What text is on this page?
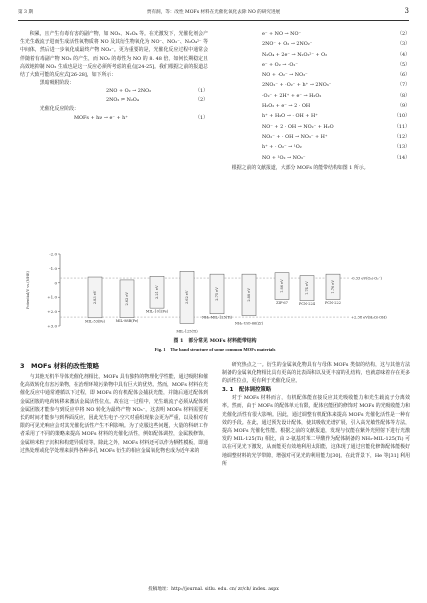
第 3 期	贾有洞，等：改性 MOFs 材料在光催化氧化去除 NO 的研究进展	3

积累，且产生有毒有害的副产物，如 NO₂、N₂O₄ 等。在光激发下，光催化剂会产生光生载流子进而生成活性氧物质将 NO 及其衍生物氧化为 NO⁻、NO₂⁻、N₂O₄²⁻ 等中间体，然后进一步氧化成最终产物 NO₃⁻。更为重要的是，光催化反应过程中通常会伴随着有毒副产物 NO₂ 的产生，而 NO₂ 的毒性为 NO 的 8. 48 倍，如何长期稳定且高效地抑制 NO₂ 生成也是这一反应必须所考虑的重点[24-25]。我们根据之前的报道总结了大致可能的反应式[26-28]，如下所示：

黑暗吸附阶段：

2NO + O₂ → 2NO₂	（1）
2NO₂ ⇌ N₂O₄	（2）

光催化反应阶段：

MOFs + hν → e⁻ + h⁺	（1）
e⁻ + NO → NO⁻	（2）
2NO⁻ + O₂ → 2NO₂⁻	（3）
N₂O₄ + 2e⁻ → N₂O₂²⁻ + O₂	（4）
e⁻ + O₂ → ·O₂⁻	（5）
NO + ·O₂⁻ → NO₃⁻	（6）
2NO₂⁻ + ·O₂⁻ + h⁺ → 2NO₃⁻	（7）
·O₂⁻ + 2H⁺ + e⁻ → H₂O₂	（8）
H₂O₂ + e⁻ → 2 · OH	（9）
h⁺ + H₂O → · OH + H⁺	（10）
NO⁻ + 2 · OH → NO₂⁻ + H₂O	（11）
NO₂⁻ + · OH → NO₃⁻ + H⁺	（12）
h⁺ + · O₂⁻ → ¹O₂	（13）
NO + ¹O₂ → NO₃⁻	（14）

根据之前的文献报道，大部分 MOFs 的能带结构如图 1 所示。

-2.0
-1.0
0
+1.0
+2.0
+3.0
Potential/V vs.(NHE)	-0.33 eV(O₂/·O₂⁻)
+2.38 eV(H₂O/·OH)
2.83 eV
MIL-53(Fe)
2.62 eV
MIL-88B(Fe)
2.21 eV
MIL-101(Fe)
3.62 eV
MIL-125(Ti)
2.75 eV
NH₂-MIL-125(Ti)
2.88 eV
NH₂-UiO-66(Zr)
1.86 eV
ZIF-67
1.74 eV
PCN-224
1.76 eV
PCN-222
图 1　部分常见 MOFs 材料能带结构
Fig. 1　The band structure of some common MOFs materials
3　MOFs 材料的改性策略

与其他无机半导体光催化剂相比，MOFs 具有独特的物理化学性能，通过吸附和催化高效转化有害污染物，在治理环境污染物中具有巨大的优势。然而，MOFs 材料在光催化反应中通常遵循以下过程，即 MOFs 的有机配体会捕获光能，并随后通过配体到金属团簇的电荷转移来激活金属活性位点。故在这一过程中，光生载流子必须从配体到金属团簇才能参与到反应中将 NO 转化为最终产物 NO₃⁻，这表明 MOFs 材料需要更长的时间才能参与到界面反应，因此光生电子-空穴对重组现象会更为严重，以及相对有限的可见光响应会对其光催化活性产生不利影响。为了克服这些问题，大量的科研工作者采用了不同的策略来提高 MOFs 材料的光催化活性，例如配体调控，金属簇修饰，金属纳米粒子沉积和构建异质结等。除此之外，MOFs 材料还可以作为牺牲模板，即通过热处理或化学处理来获得各种多孔 MOFs 衍生的相应金属氧化物也成为近年来的

研究热点之一。衍生的金属氧化物具有与母体 MOFs 类似的结构，这与其他方法制备的金属氧化物相比具有更高的比表面积以及更丰富的孔结构，也就意味着存在更多的活性位点，更有利于光催化反应。

3. 1　配体调控策略

对于 MOFs 材料而言，有机配体能直接反应其光吸收能力和光生载流子分离效率。然而，由于 MOFs 的配体单元有限，配体官能团的修饰对 MOFs 的光吸收能力和光催化活性有很大影响。因此，通过调整有机配体来提高 MOFs 光催化活性是一种有效的手段。在此，通过预先设计配体，使其吸收光谱扩展，引入高光敏性配体等方法，提高 MOFs 光催化性能。根据之前的文献报道，发现与仅能在紫外光照射下进行光激发的 MIL-125(Ti) 相比，由 2-氨基对苯二甲酸作为配体制备的 NH₂-MIL-125(Ti) 可以在可见光下激发，从而能更有效地利用太阳能，这体现了通过官能化修饰配体能极好地调整材料的光学带隙，增强对可见光的利用能力[30]。在此背景下，He 等[31] 利用所

投稿地址：http://journal. sitlu. edu. cn/ zr/ch/ index. aspx
